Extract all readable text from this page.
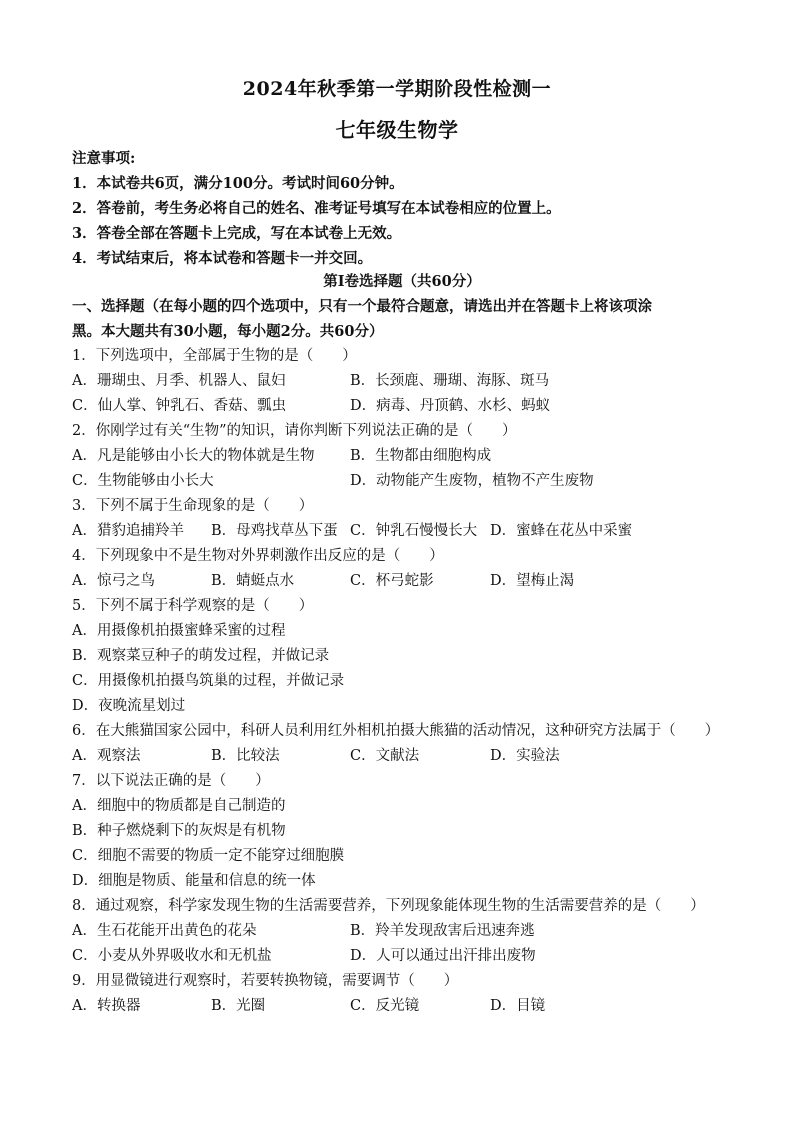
2024年秋季第一学期阶段性检测一
七年级生物学
注意事项:
1．本试卷共6页，满分100分。考试时间60分钟。
2．答卷前，考生务必将自己的姓名、准考证号填写在本试卷相应的位置上。
3．答卷全部在答题卡上完成，写在本试卷上无效。
4．考试结束后，将本试卷和答题卡一并交回。
第Ⅰ卷选择题（共60分）
一、选择题（在每小题的四个选项中，只有一个最符合题意，请选出并在答题卡上将该项涂
黑。本大题共有30小题，每小题2分。共60分）
1．下列选项中，全部属于生物的是（　　）
A．珊瑚虫、月季、机器人、鼠妇	B．长颈鹿、珊瑚、海豚、斑马
C．仙人掌、钟乳石、香菇、瓢虫	D．病毒、丹顶鹤、水杉、蚂蚁
2．你刚学过有关“生物”的知识，请你判断下列说法正确的是（　　）
A．凡是能够由小长大的物体就是生物 B．生物都由细胞构成
C．生物能够由小长大	D．动物能产生废物，植物不产生废物
3．下列不属于生命现象的是（　　）
A．猎豹追捕羚羊 B．母鸡找草丛下蛋 C．钟乳石慢慢长大 D．蜜蜂在花丛中采蜜
4．下列现象中不是生物对外界刺激作出反应的是（　　）
A．惊弓之鸟	B．蜻蜓点水	C．杯弓蛇影	D．望梅止渴
5．下列不属于科学观察的是（　　）
A．用摄像机拍摄蜜蜂采蜜的过程
B．观察菜豆种子的萌发过程，并做记录
C．用摄像机拍摄鸟筑巢的过程，并做记录
D．夜晚流星划过
6．在大熊猫国家公园中，科研人员利用红外相机拍摄大熊猫的活动情况，这种研究方法属于（　　）
A．观察法	B．比较法	C．文献法	D．实验法
7．以下说法正确的是（　　）
A．细胞中的物质都是自己制造的
B．种子燃烧剩下的灰烬是有机物
C．细胞不需要的物质一定不能穿过细胞膜
D．细胞是物质、能量和信息的统一体
8．通过观察，科学家发现生物的生活需要营养，下列现象能体现生物的生活需要营养的是（　　）
A．生石花能开出黄色的花朵	B．羚羊发现敌害后迅速奔逃
C．小麦从外界吸收水和无机盐	D．人可以通过出汗排出废物
9．用显微镜进行观察时，若要转换物镜，需要调节（　　）
A．转换器	B．光圈	C．反光镜	D．目镜
